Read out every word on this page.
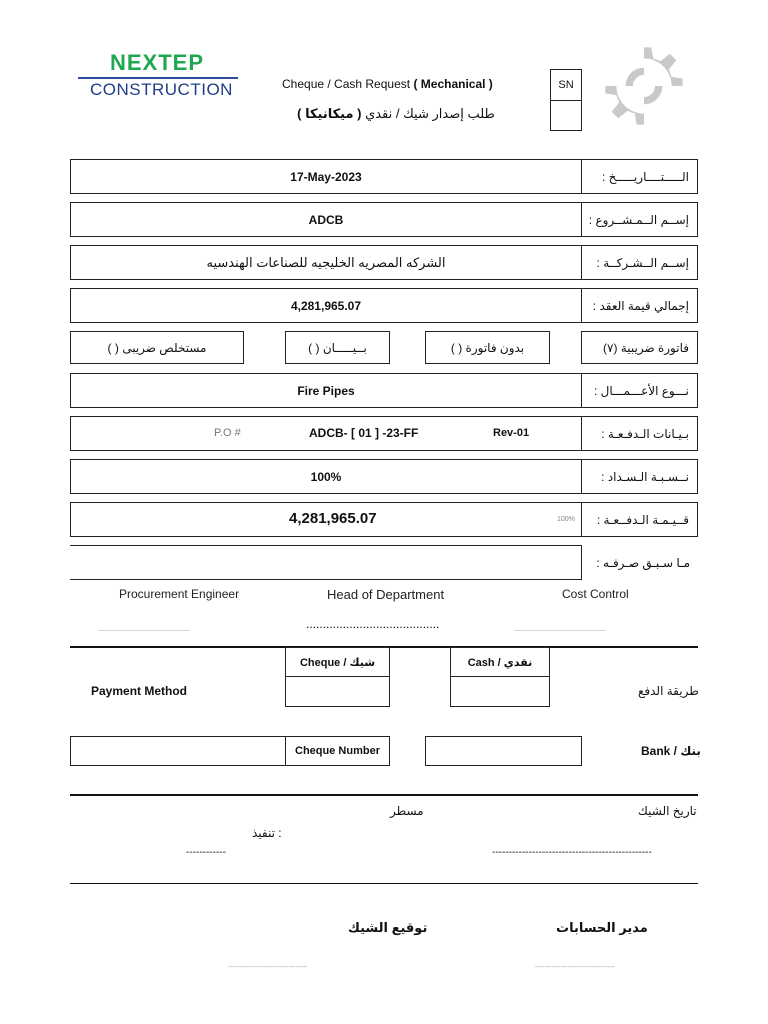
NEXTEP
CONSTRUCTION	Cheque / Cash Request ( Mechanical )
طلب إصدار شيك / نقدي ( ميكانيكا )
SN
17-May-2023	الـــــتــــاريـــــخ :
ADCB	إســم الــمـشــروع :
الشركه المصريه الخليجيه للصناعات الهندسيه	إســم الــشـركــة :
4,281,965.07	إجمالي قيمة العقد :
مستخلص ضريبى ( )	بــيـــــان ( )	بدون فاتورة ( )	فاتورة ضريبية (٧)
Fire Pipes	نـــوع الأعـــمـــال :
P.O #	ADCB- [ 01 ] -23-FF	Rev-01	بـيـانات الـدفـعـة :
100%	نــسـبـة الـسـداد :
4,281,965.07	100% قــيـمـة الـدفــعـة :
مـا سـبـق صـرفـه :
Procurement Engineer	Head of Department	Cost Control
----------------------------------------------	........................................	----------------------------------------------
Cheque / شيك	Cash / نقدي
Payment Method	طريقة الدفع
Cheque Number	Bank / بنك
تاريخ الشيك
مسطر
: تنفيذ
------------	------------------------------------------------
مدير الحسابات
توقيع الشيك
----------------------------------	----------------------------------
